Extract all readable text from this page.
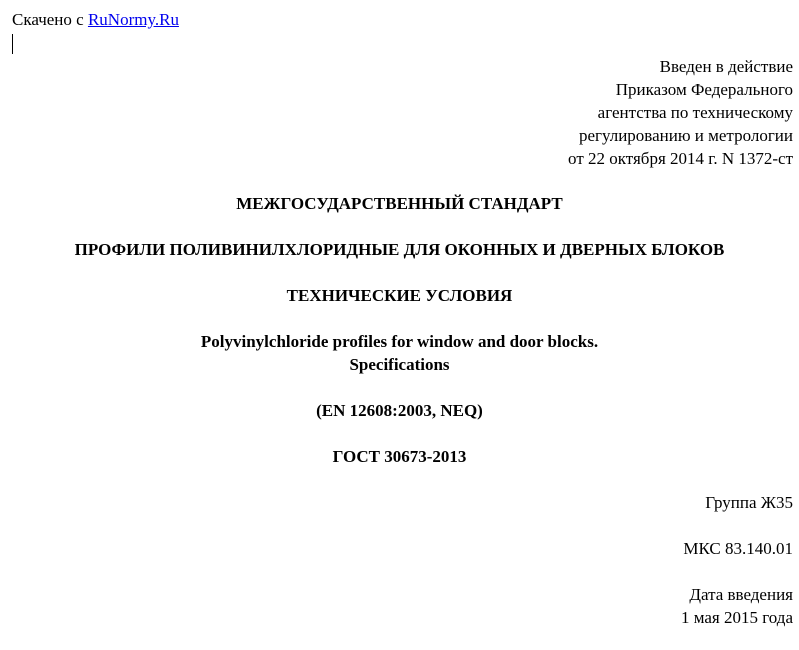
Скачено с RuNormy.Ru
Введен в действие
Приказом Федерального
агентства по техническому
регулированию и метрологии
от 22 октября 2014 г. N 1372-ст
МЕЖГОСУДАРСТВЕННЫЙ СТАНДАРТ
ПРОФИЛИ ПОЛИВИНИЛХЛОРИДНЫЕ ДЛЯ ОКОННЫХ И ДВЕРНЫХ БЛОКОВ
ТЕХНИЧЕСКИЕ УСЛОВИЯ
Polyvinylchloride profiles for window and door blocks.
Specifications
(EN 12608:2003, NEQ)
ГОСТ 30673-2013
Группа Ж35
МКС 83.140.01
Дата введения
1 мая 2015 года
